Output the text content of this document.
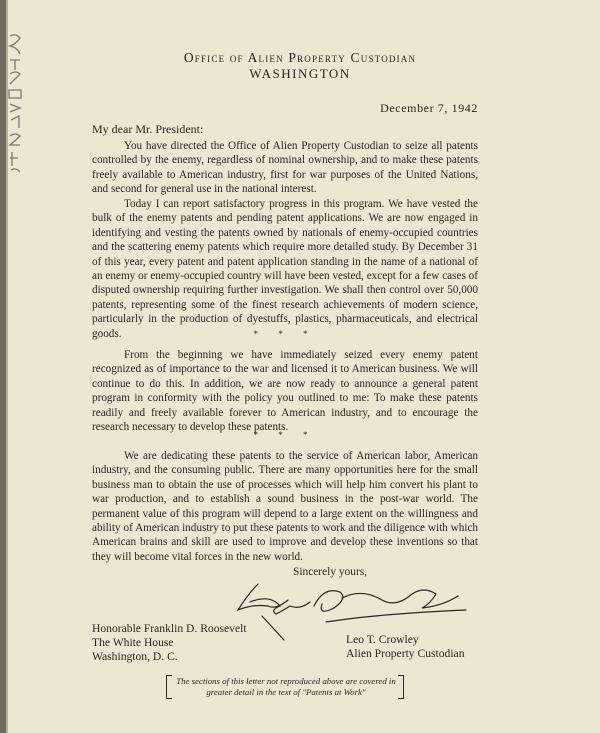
Office of Alien Property Custodian
WASHINGTON
December 7, 1942
My dear Mr. President:

You have directed the Office of Alien Property Custodian to seize all patents controlled by the enemy, regardless of nominal ownership, and to make these patents freely available to American industry, first for war purposes of the United Nations, and second for general use in the national interest.

Today I can report satisfactory progress in this program. We have vested the bulk of the enemy patents and pending patent applications. We are now engaged in identifying and vesting the patents owned by nationals of enemy-occupied countries and the scattering enemy patents which require more detailed study. By December 31 of this year, every patent and patent application standing in the name of a national of an enemy or enemy-occupied country will have been vested, except for a few cases of disputed ownership requiring further investigation. We shall then control over 50,000 patents, representing some of the finest research achievements of modern science, particularly in the production of dyestuffs, plastics, pharmaceuticals, and electrical goods.	* * *

From the beginning we have immediately seized every enemy patent recognized as of importance to the war and licensed it to American business. We will continue to do this. In addition, we are now ready to announce a general patent program in conformity with the policy you outlined to me: To make these patents readily and freely available forever to American industry, and to encourage the research necessary to develop these patents.

* * *

We are dedicating these patents to the service of American labor, American industry, and the consuming public. There are many opportunities here for the small business man to obtain the use of processes which will help him convert his plant to war production, and to establish a sound business in the post-war world. The permanent value of this program will depend to a large extent on the willingness and ability of American industry to put these patents to work and the diligence with which American brains and skill are used to improve and develop these inventions so that they will become vital forces in the new world.

Sincerely yours,
Honorable Franklin D. Roosevelt
The White House
Washington, D. C.
Leo T. Crowley
Alien Property Custodian
The sections of this letter not reproduced above are covered in greater detail in the text of "Patents at Work"
